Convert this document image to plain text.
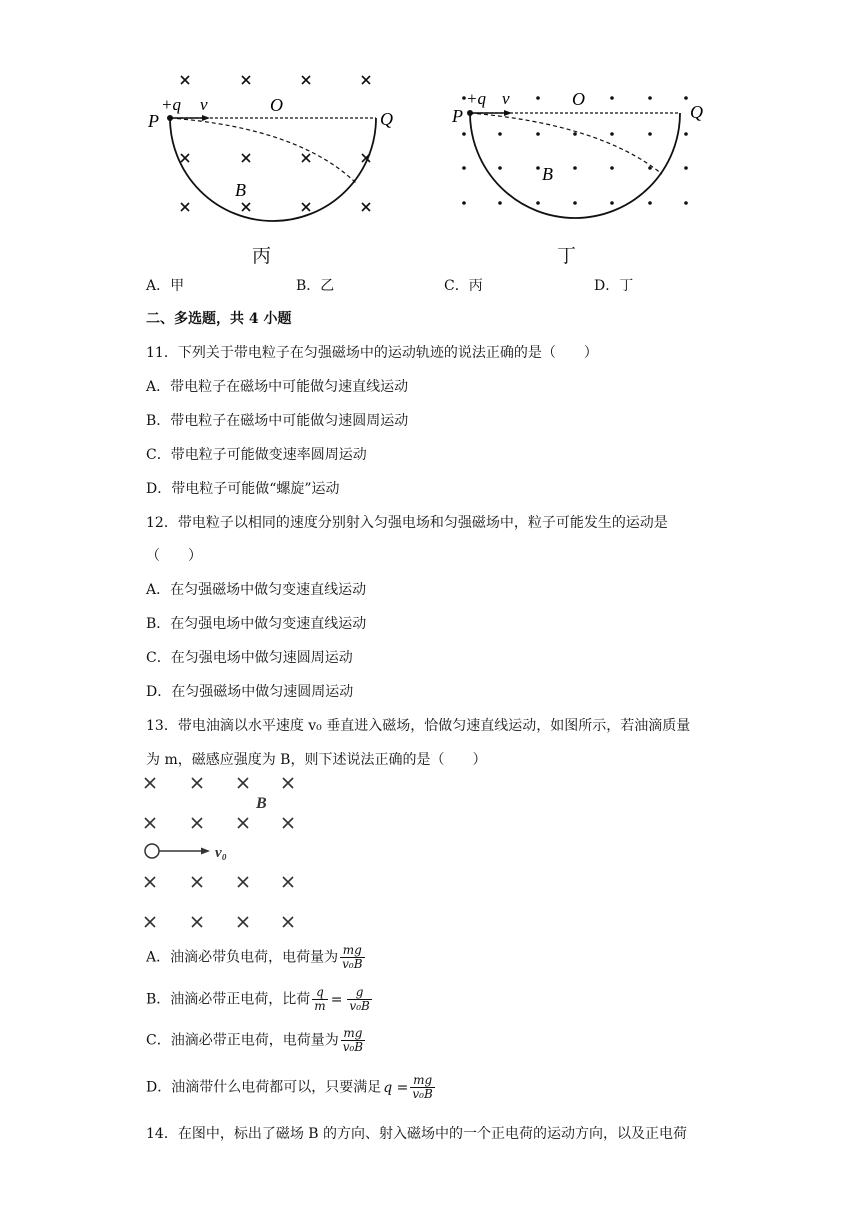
+q v	O
P	Q
B
丙
+q v	O
P	Q
B
丁
A．甲	B．乙	C．丙	D．丁
二、多选题，共 4 小题
11．下列关于带电粒子在匀强磁场中的运动轨迹的说法正确的是（　　）
A．带电粒子在磁场中可能做匀速直线运动
B．带电粒子在磁场中可能做匀速圆周运动
C．带电粒子可能做变速率圆周运动
D．带电粒子可能做“螺旋”运动
12．带电粒子以相同的速度分别射入匀强电场和匀强磁场中，粒子可能发生的运动是
（　　）
A．在匀强磁场中做匀变速直线运动
B．在匀强电场中做匀变速直线运动
C．在匀强电场中做匀速圆周运动
D．在匀强磁场中做匀速圆周运动
13．带电油滴以水平速度 v₀ 垂直进入磁场，恰做匀速直线运动，如图所示，若油滴质量
为 m，磁感应强度为 B，则下述说法正确的是（　　）
B
v₀
A．油滴必带负电荷，电荷量为 $\frac{mg}{\text{v₀B}}$
B．油滴必带正电荷，比荷 $\frac{q}{m} = \frac{g}{\text{v₀B}}$
C．油滴必带正电荷，电荷量为 $\frac{mg}{\text{v₀B}}$
D．油滴带什么电荷都可以，只要满足 $q = \frac{mg}{\text{v₀B}}$
14．在图中，标出了磁场 B 的方向、射入磁场中的一个正电荷的运动方向，以及正电荷
